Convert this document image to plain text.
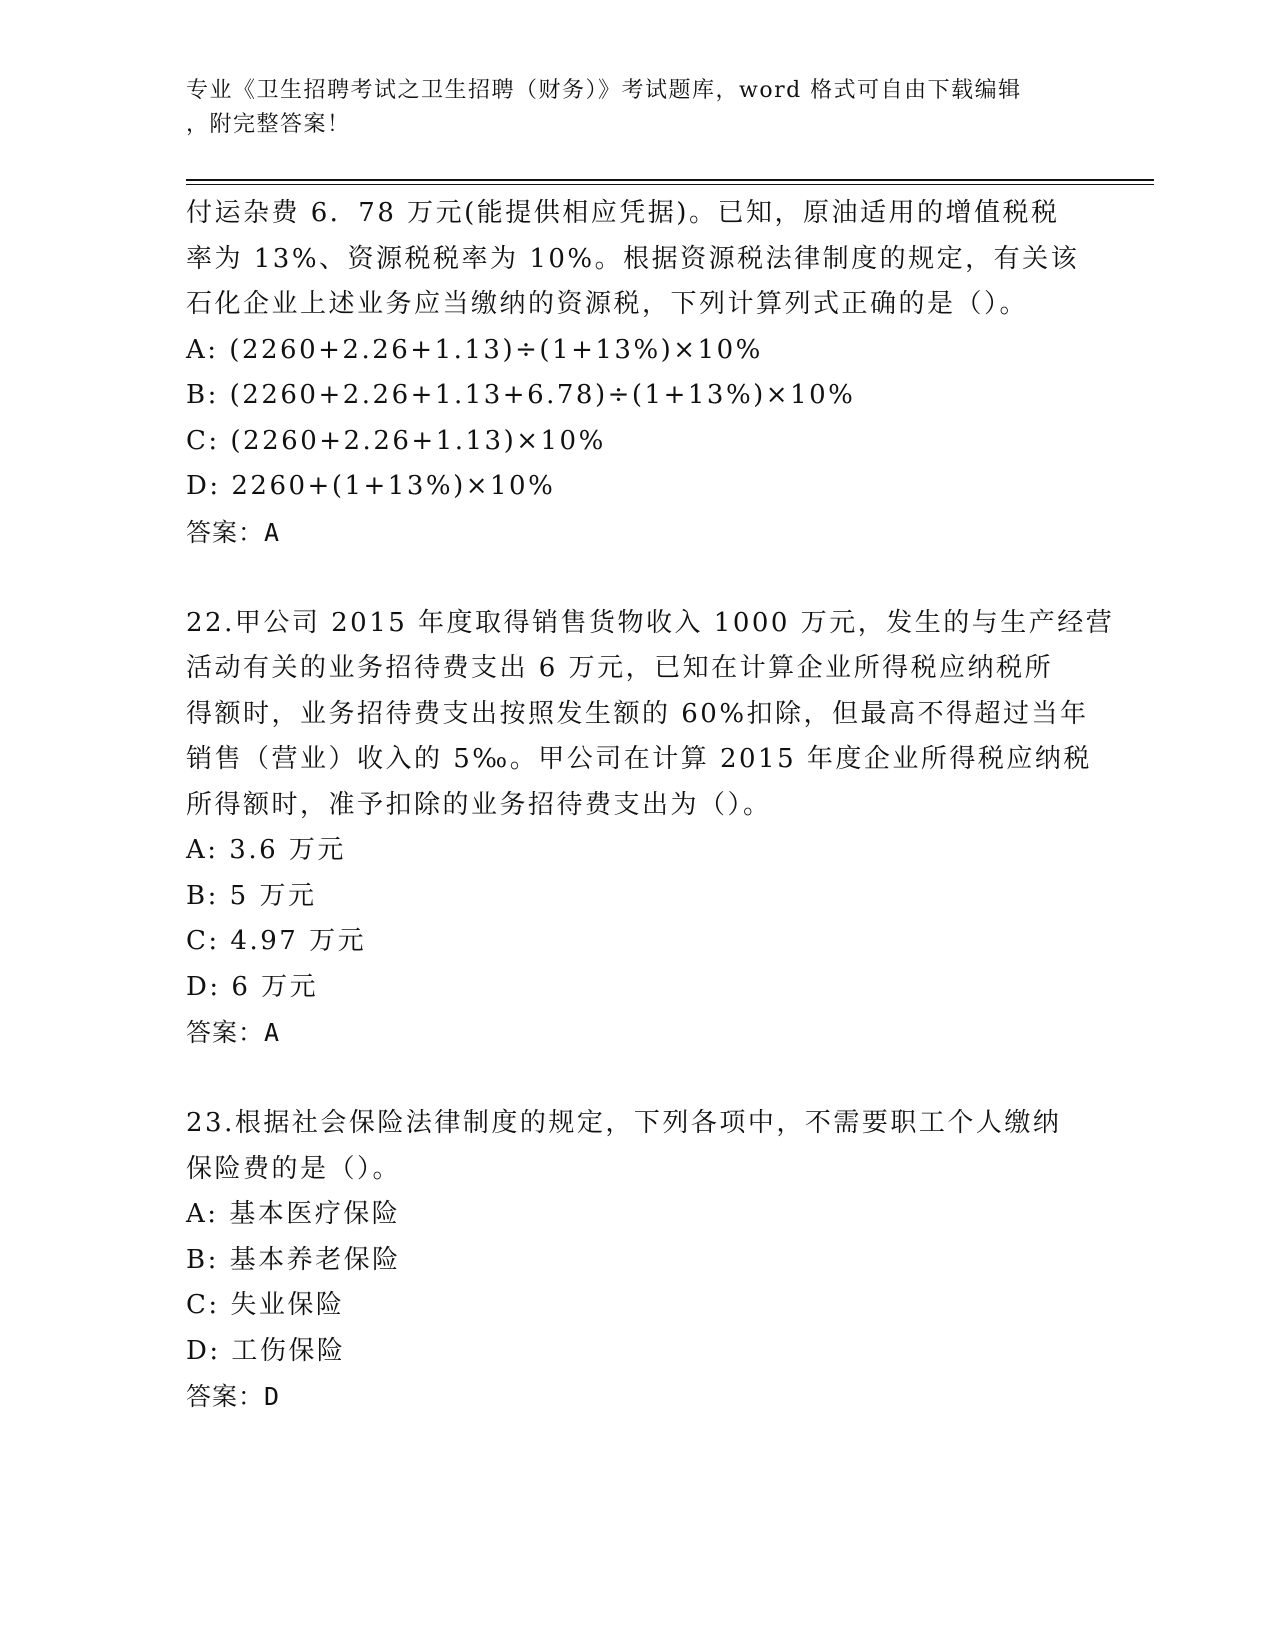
专业《卫生招聘考试之卫生招聘（财务）》考试题库，word 格式可自由下载编辑
，附完整答案！
付运杂费 6．78 万元(能提供相应凭据)。已知，原油适用的增值税税
率为 13%、资源税税率为 10%。根据资源税法律制度的规定，有关该
石化企业上述业务应当缴纳的资源税，下列计算列式正确的是（）。
A: (2260+2.26+1.13)÷(1+13%)×10%
B: (2260+2.26+1.13+6.78)÷(1+13%)×10%
C: (2260+2.26+1.13)×10%
D: 2260+(1+13%)×10%
答案：A
22.甲公司 2015 年度取得销售货物收入 1000 万元，发生的与生产经营
活动有关的业务招待费支出 6 万元，已知在计算企业所得税应纳税所
得额时，业务招待费支出按照发生额的 60%扣除，但最高不得超过当年
销售（营业）收入的 5‰。甲公司在计算 2015 年度企业所得税应纳税
所得额时，准予扣除的业务招待费支出为（）。
A: 3.6 万元
B: 5 万元
C: 4.97 万元
D: 6 万元
答案：A
23.根据社会保险法律制度的规定，下列各项中，不需要职工个人缴纳
保险费的是（）。
A: 基本医疗保险
B: 基本养老保险
C: 失业保险
D: 工伤保险
答案：D
